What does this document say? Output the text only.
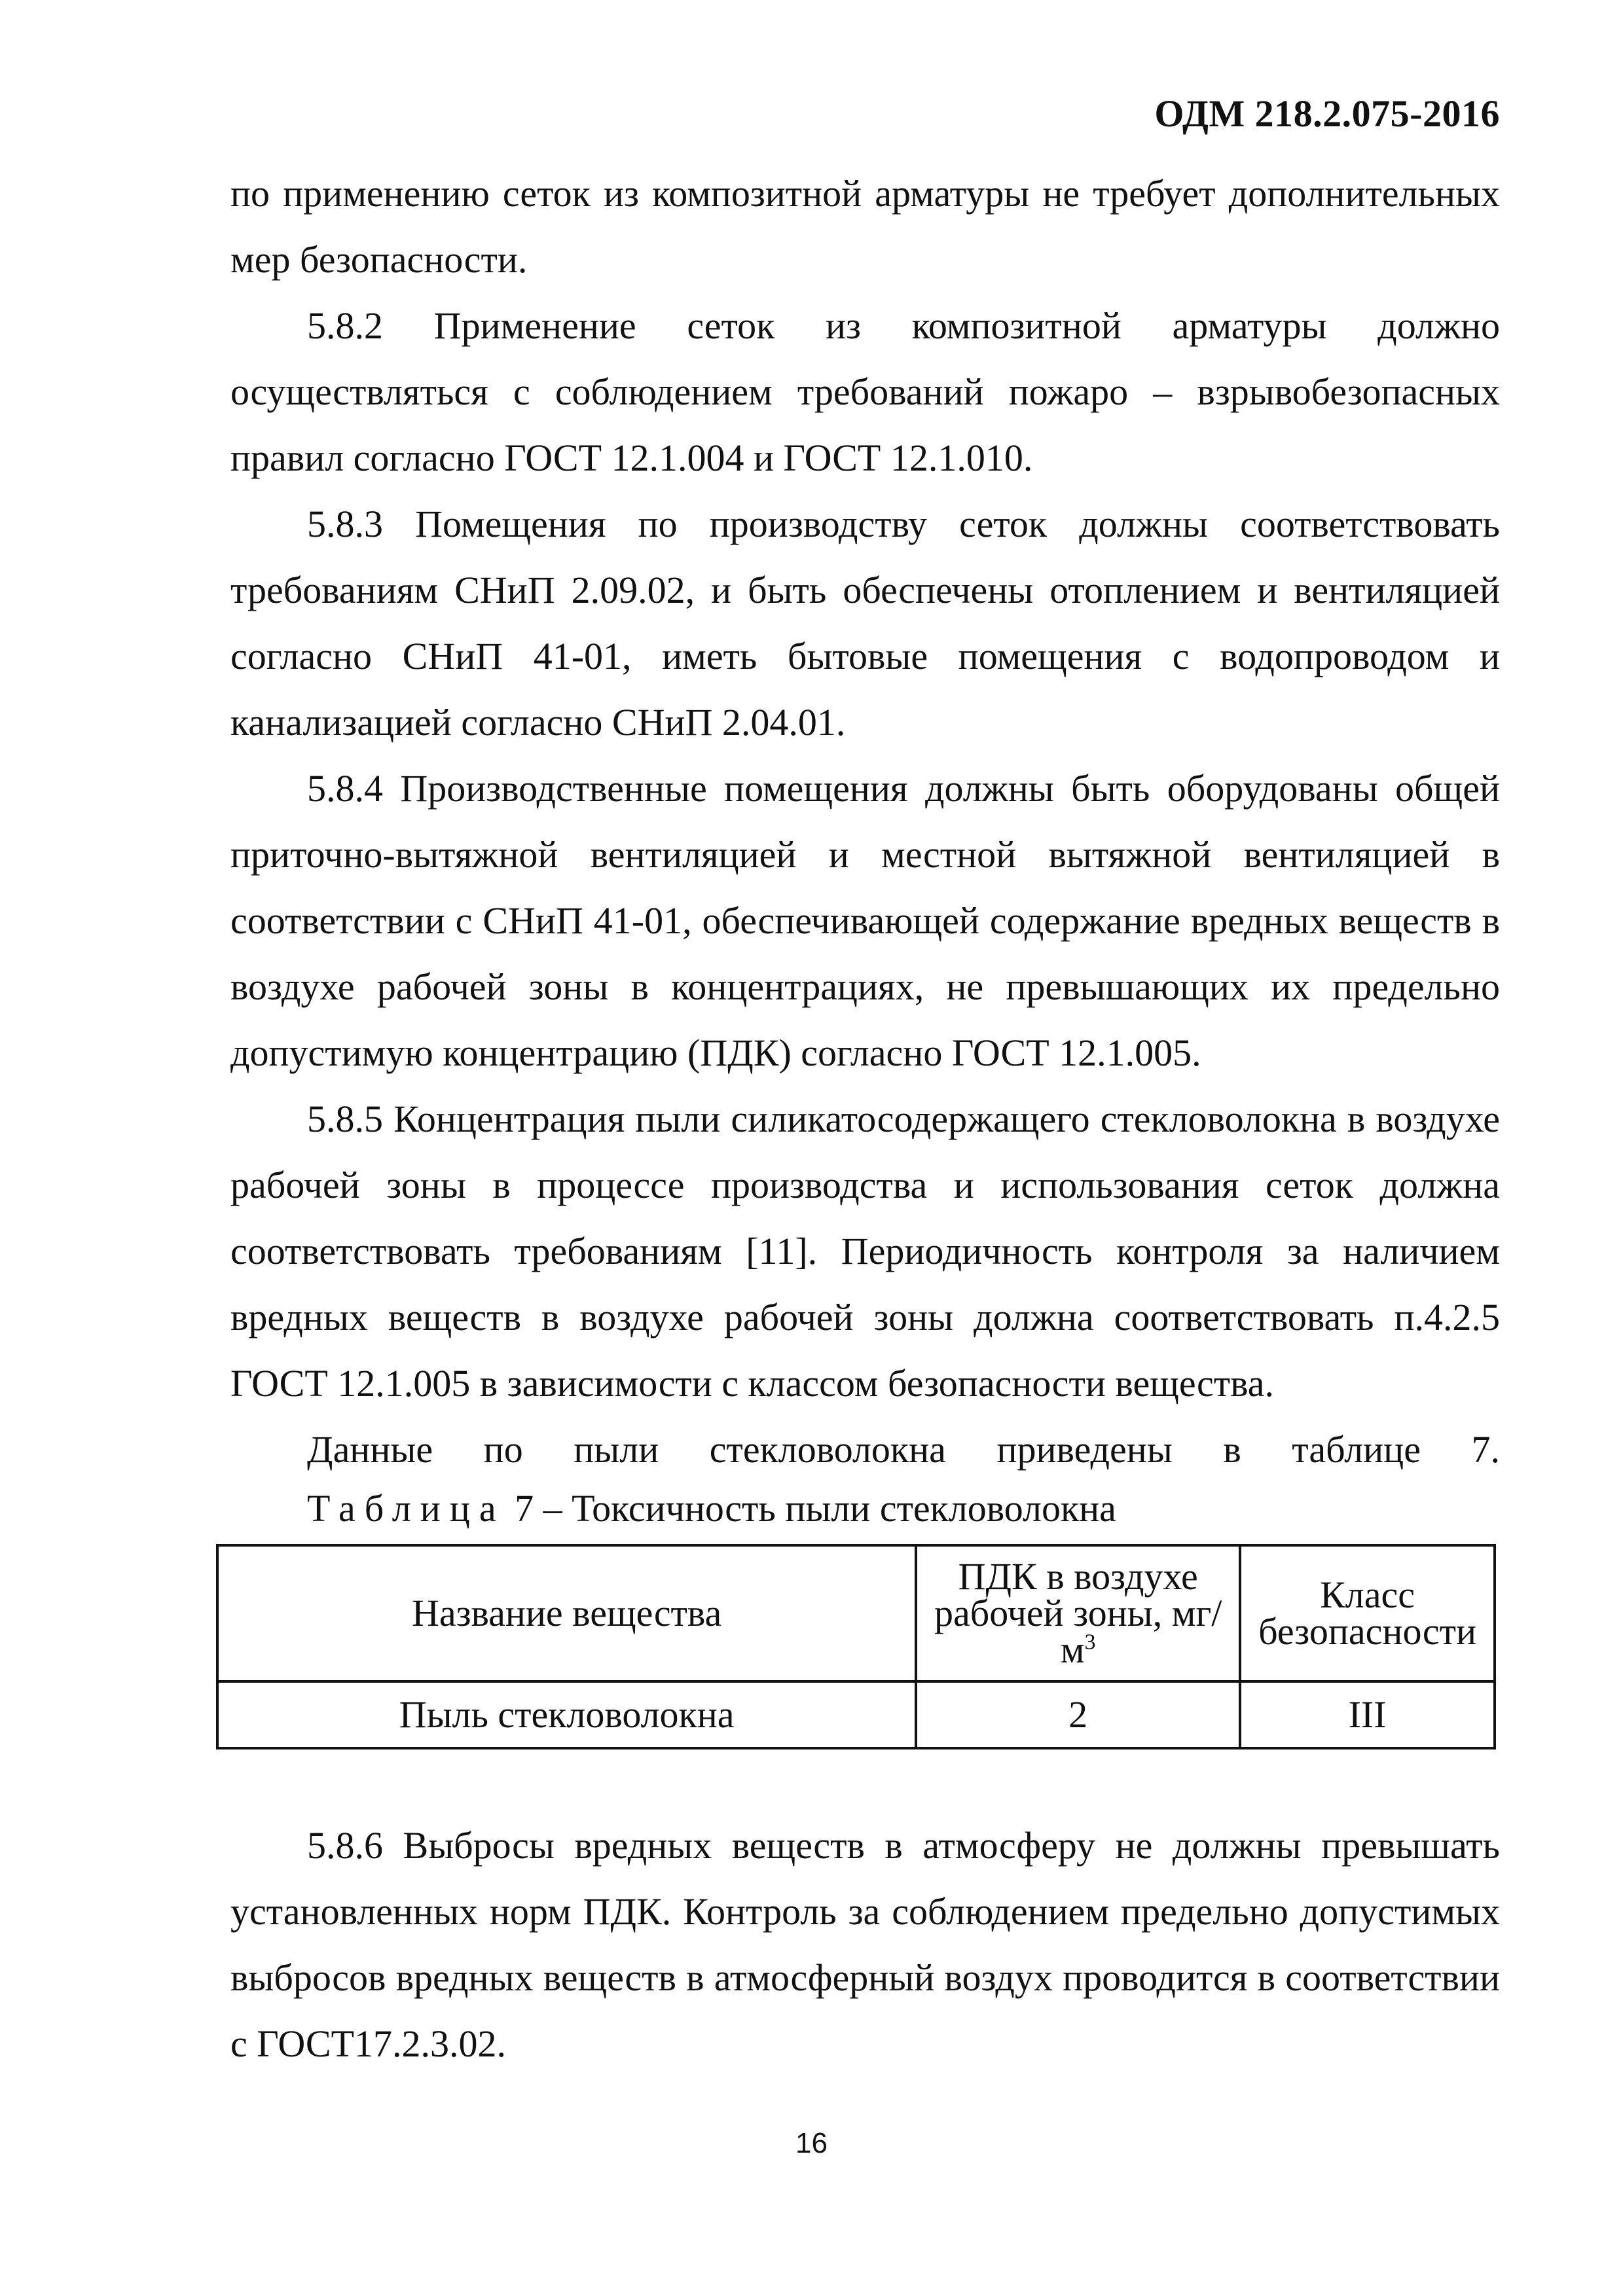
ОДМ 218.2.075-2016

по применению сеток из композитной арматуры не требует дополнительных мер безопасности.

5.8.2 Применение сеток из композитной арматуры должно осуществляться с соблюдением требований пожаро – взрывобезопасных правил согласно ГОСТ 12.1.004 и ГОСТ 12.1.010.

5.8.3 Помещения по производству сеток должны соответствовать требованиям СНиП 2.09.02, и быть обеспечены отоплением и вентиляцией согласно СНиП 41-01, иметь бытовые помещения с водопроводом и канализацией согласно СНиП 2.04.01.

5.8.4 Производственные помещения должны быть оборудованы общей приточно-вытяжной вентиляцией и местной вытяжной вентиляцией в соответствии с СНиП 41-01, обеспечивающей содержание вредных веществ в воздухе рабочей зоны в концентрациях, не превышающих их предельно допустимую концентрацию (ПДК) согласно ГОСТ 12.1.005.

5.8.5 Концентрация пыли силикатосодержащего стекловолокна в воздухе рабочей зоны в процессе производства и использования сеток должна соответствовать требованиям [11]. Периодичность контроля за наличием вредных веществ в воздухе рабочей зоны должна соответствовать п.4.2.5 ГОСТ 12.1.005 в зависимости с классом безопасности вещества.

Данные по пыли стекловолокна приведены в таблице 7.

Таблица 7 – Токсичность пыли стекловолокна

Название вещества	ПДК в воздухе рабочей зоны, $мг/м^3$	Класс безопасности
Пыль стекловолокна	2	III

5.8.6 Выбросы вредных веществ в атмосферу не должны превышать установленных норм ПДК. Контроль за соблюдением предельно допустимых выбросов вредных веществ в атмосферный воздух проводится в соответствии с ГОСТ17.2.3.02.

16
